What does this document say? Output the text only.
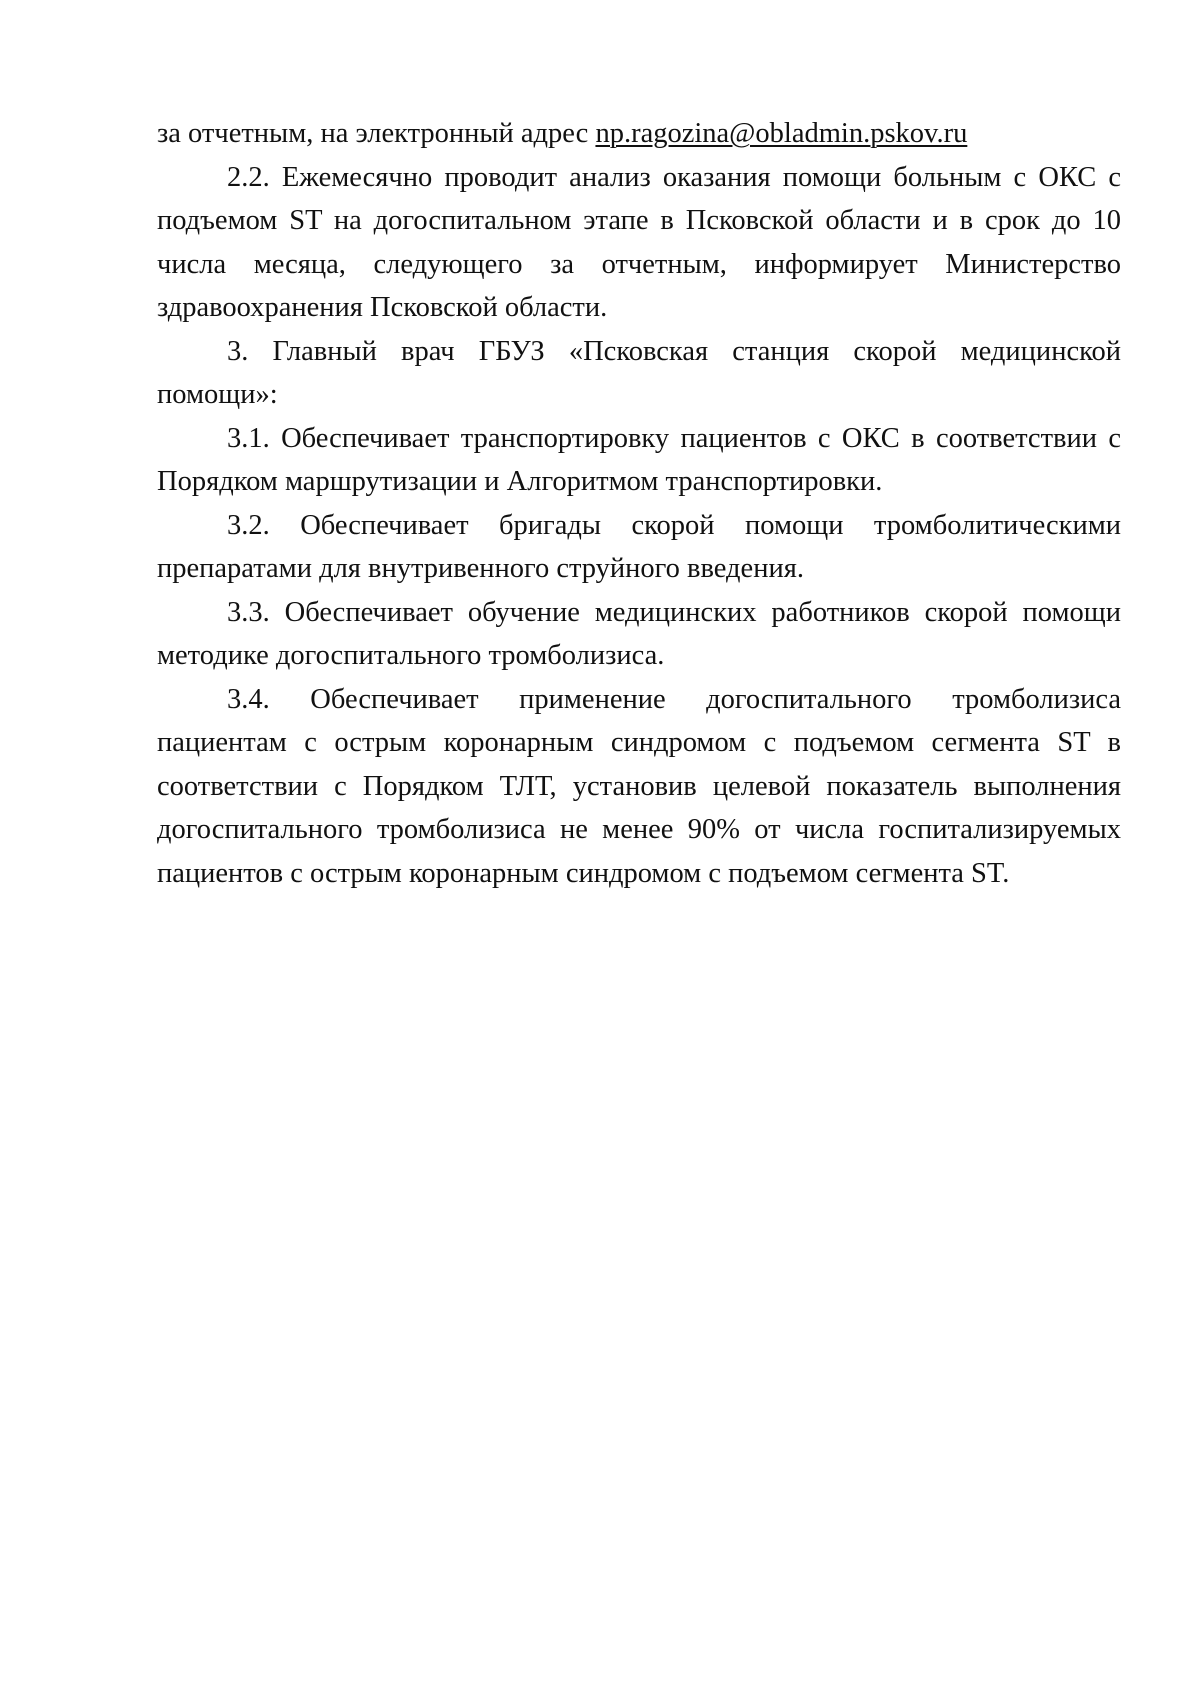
за отчетным, на электронный адрес np.ragozina@obladmin.pskov.ru

2.2. Ежемесячно проводит анализ оказания помощи больным с ОКС с подъемом ST на догоспитальном этапе в Псковской области и в срок до 10 числа месяца, следующего за отчетным, информирует Министерство здравоохранения Псковской области.

3. Главный врач ГБУЗ «Псковская станция скорой медицинской помощи»:

3.1. Обеспечивает транспортировку пациентов с ОКС в соответствии с Порядком маршрутизации и Алгоритмом транспортировки.

3.2. Обеспечивает бригады скорой помощи тромболитическими препаратами для внутривенного струйного введения.

3.3. Обеспечивает обучение медицинских работников скорой помощи методике догоспитального тромболизиса.

3.4. Обеспечивает применение догоспитального тромболизиса пациентам с острым коронарным синдромом с подъемом сегмента ST в соответствии с Порядком ТЛТ, установив целевой показатель выполнения догоспитального тромболизиса не менее 90% от числа госпитализируемых пациентов с острым коронарным синдромом с подъемом сегмента ST.
